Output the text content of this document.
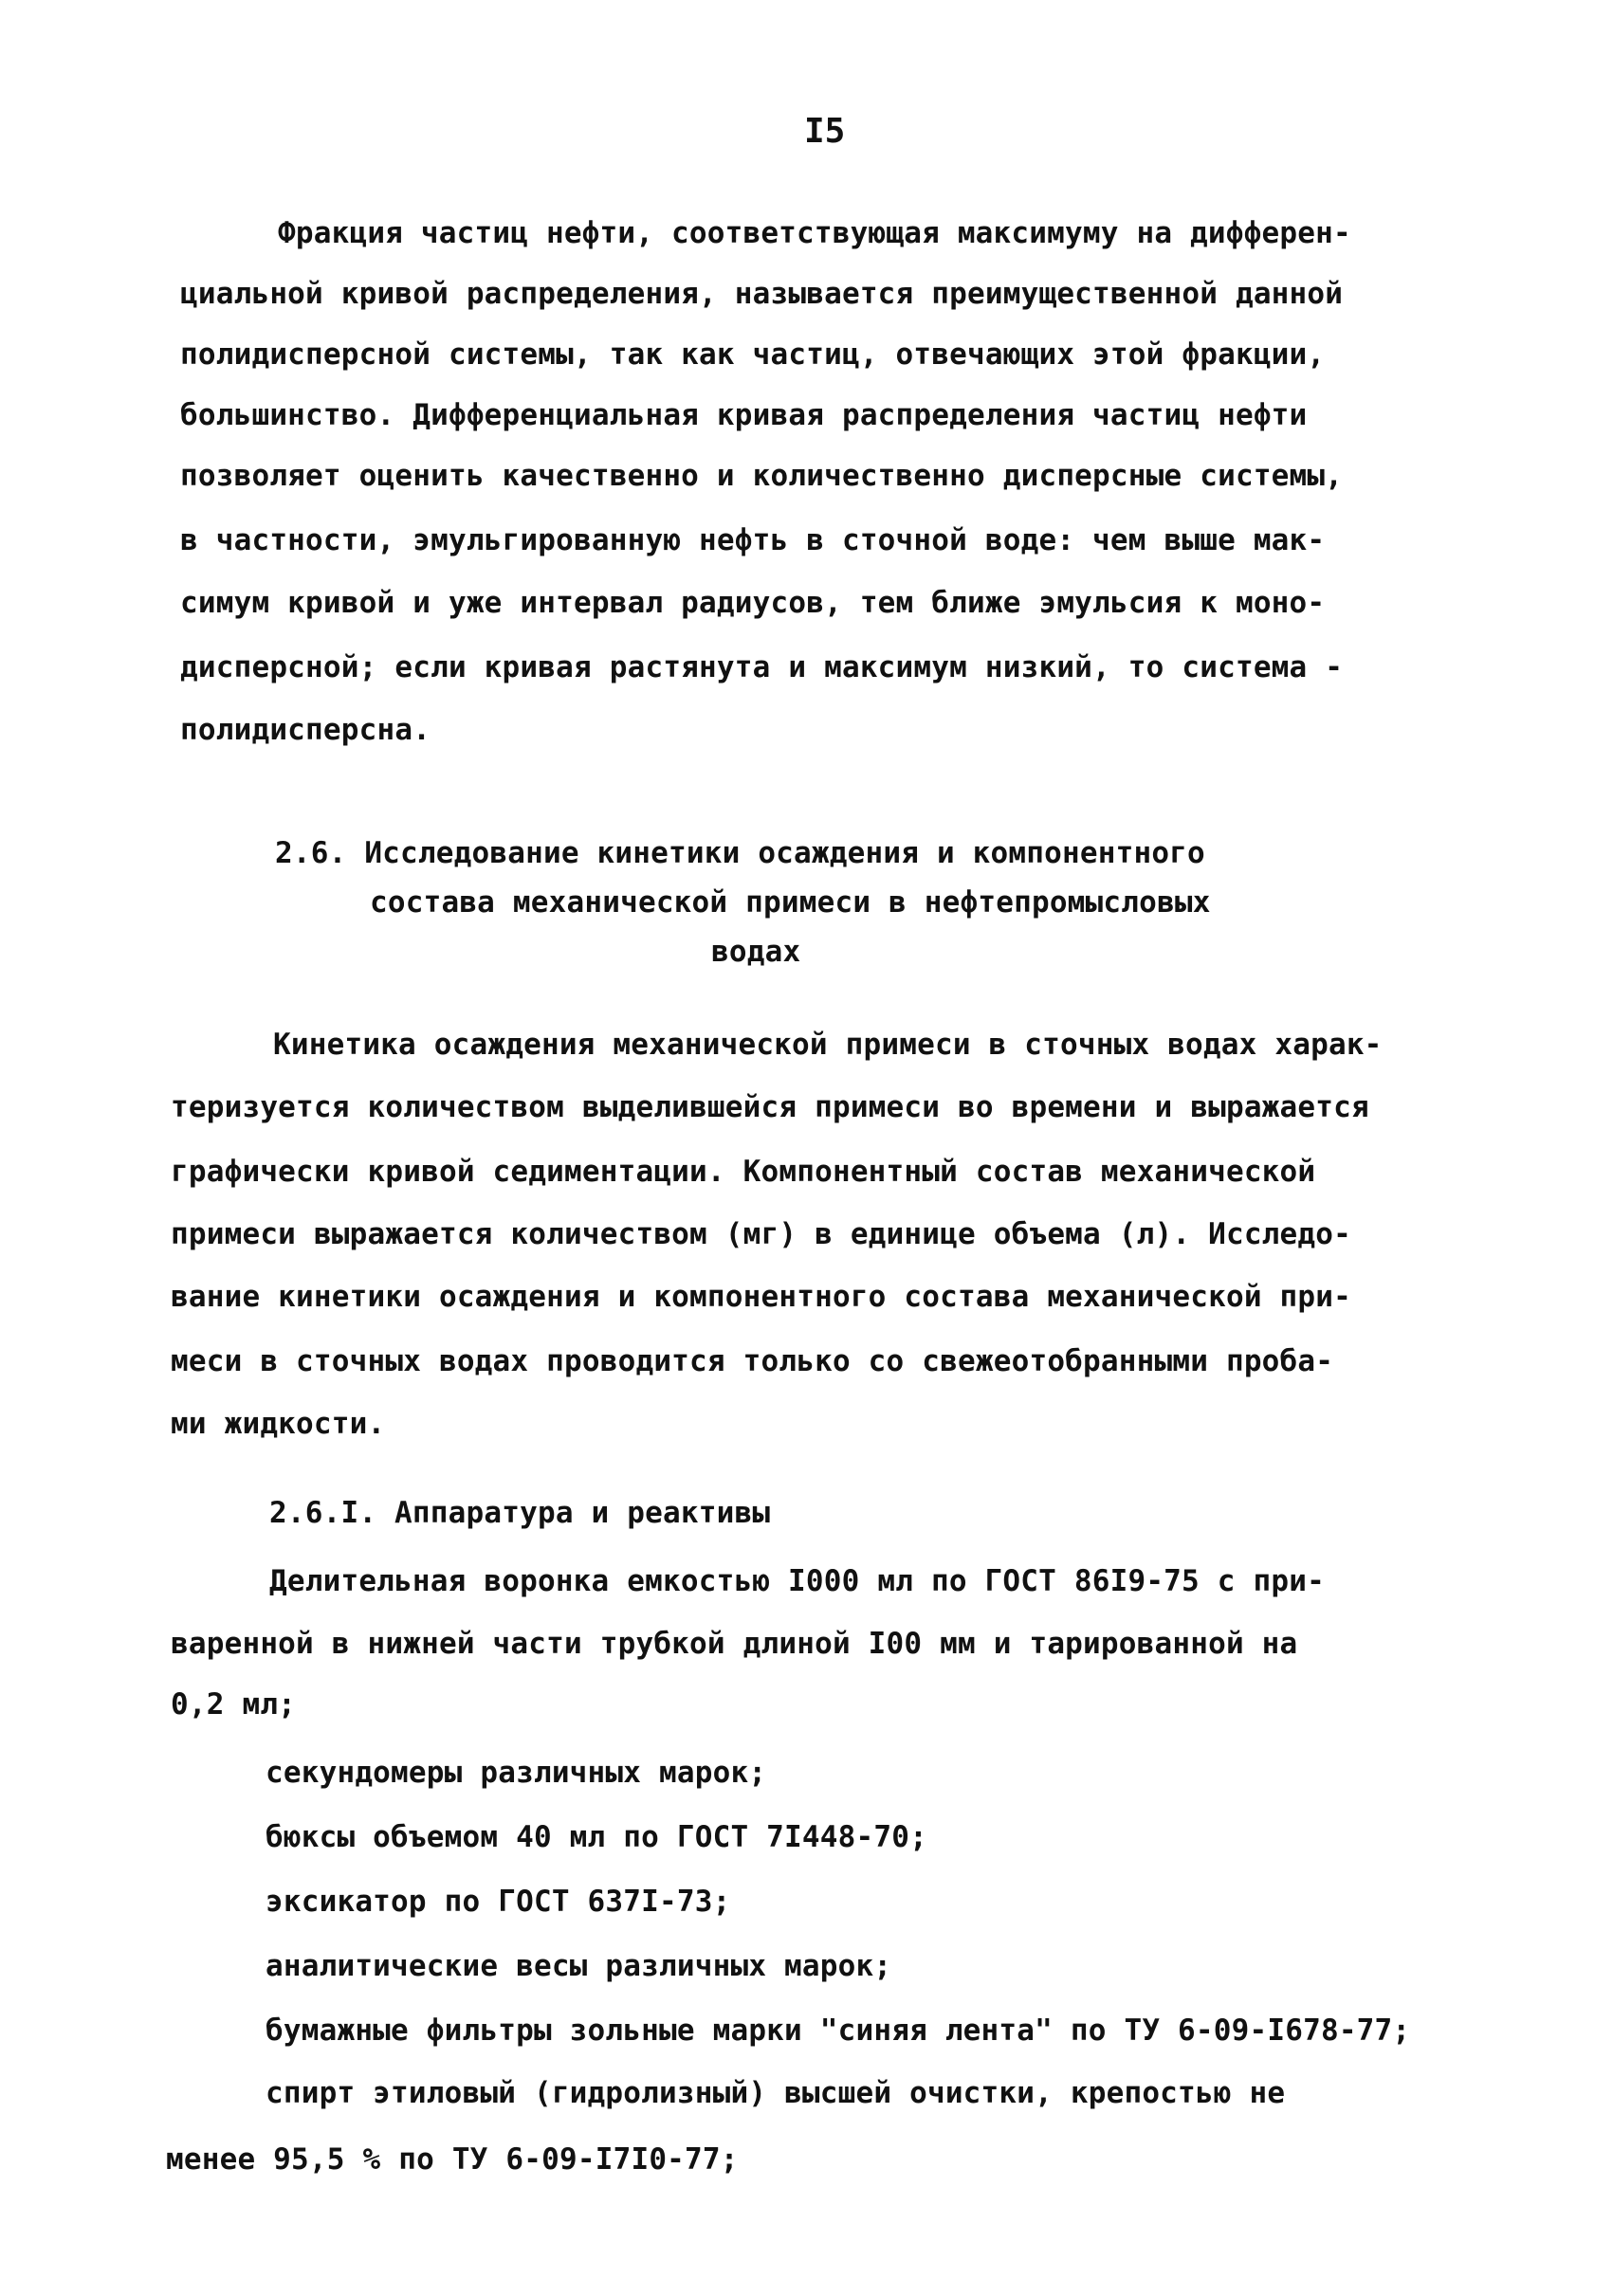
I5
Фракция частиц нефти, соответствующая максимуму на дифферен-
циальной кривой распределения, называется преимущественной данной
полидисперсной системы, так как частиц, отвечающих этой фракции,
большинство. Дифференциальная кривая распределения частиц нефти
позволяет оценить качественно и количественно дисперсные системы,
в частности, эмульгированную нефть в сточной воде: чем выше мак-
симум кривой и уже интервал радиусов, тем ближе эмульсия к моно-
дисперсной; если кривая растянута и максимум низкий, то система -
полидисперсна.
2.6. Исследование кинетики осаждения и компонентного
состава механической примеси в нефтепромысловых
водах
Кинетика осаждения механической примеси в сточных водах харак-
теризуется количеством выделившейся примеси во времени и выражается
графически кривой седиментации. Компонентный состав механической
примеси выражается количеством (мг) в единице объема (л). Исследо-
вание кинетики осаждения и компонентного состава механической при-
меси в сточных водах проводится только со свежеотобранными проба-
ми жидкости.
2.6.I. Аппаратура и реактивы
Делительная воронка емкостью I000 мл по ГОСТ 86I9-75 с при-
варенной в нижней части трубкой длиной I00 мм и тарированной на
0,2 мл;
секундомеры различных марок;
бюксы объемом 40 мл по ГОСТ 7I448-70;
эксикатор по ГОСТ 637I-73;
аналитические весы различных марок;
бумажные фильтры зольные марки "синяя лента" по ТУ 6-09-I678-77;
спирт этиловый (гидролизный) высшей очистки, крепостью не
менее 95,5 % по ТУ 6-09-I7I0-77;
